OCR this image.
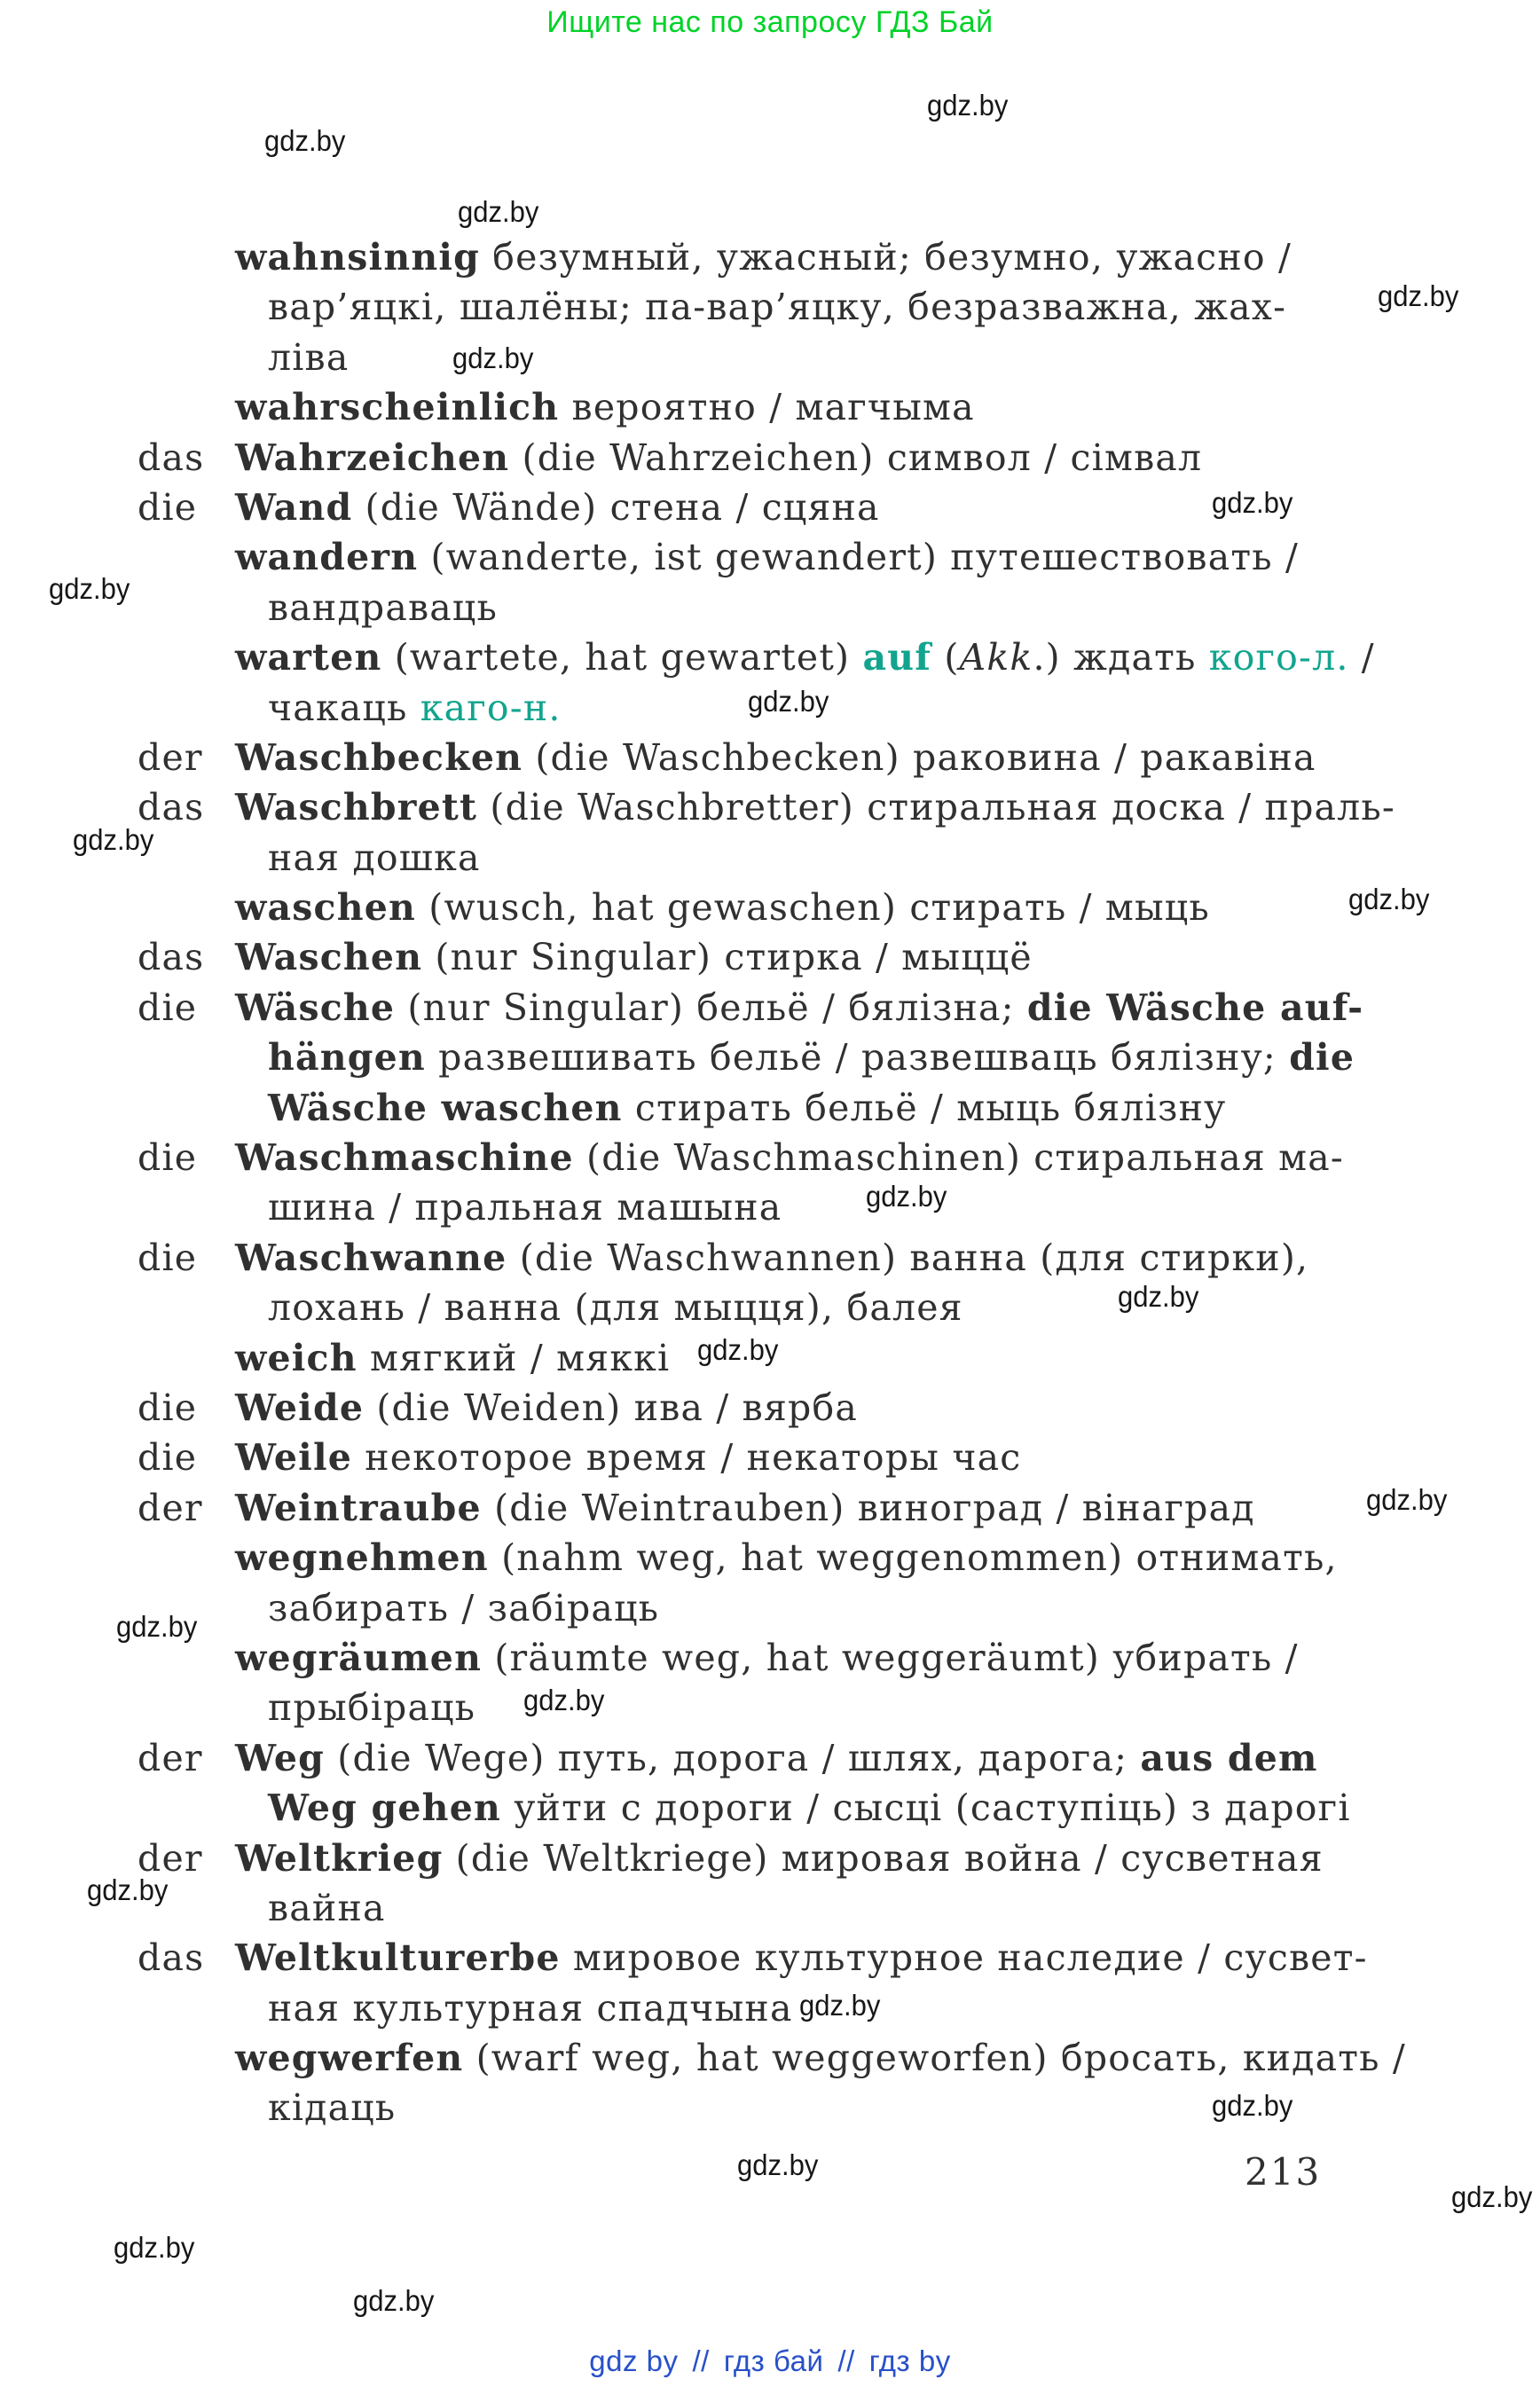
Ищите нас по запросу ГДЗ Бай
gdz.by
gdz.by
gdz.by
gdz.by
gdz.by
gdz.by
gdz.by
gdz.by
gdz.by
gdz.by
gdz.by
gdz.by
gdz.by
gdz.by
gdz.by
gdz.by
gdz.by
gdz.by
gdz.by
gdz.by
gdz.by
gdz.by
gdz.by
wahnsinnig безумный, ужасный; безумно, ужасно /
вар’яцкі, шалёны; па-вар’яцку, безразважна, жах-
ліва
wahrscheinlich вероятно / магчыма
das Wahrzeichen (die Wahrzeichen) символ / сімвал
die Wand (die Wände) стена / сцяна
wandern (wanderte, ist gewandert) путешествовать /
вандраваць
warten (wartete, hat gewartet) auf (Akk.) ждать кого-л. /
чакаць каго-н.
der Waschbecken (die Waschbecken) раковина / ракавіна
das Waschbrett (die Waschbretter) стиральная доска / праль-
ная дошка
waschen (wusch, hat gewaschen) стирать / мыць
das Waschen (nur Singular) стирка / мыццё
die Wäsche (nur Singular) бельё / бялізна; die Wäsche auf-
hängen развешивать бельё / развешваць бялізну; die
Wäsche waschen стирать бельё / мыць бялізну
die Waschmaschine (die Waschmaschinen) стиральная ма-
шина / пральная машына
die Waschwanne (die Waschwannen) ванна (для стирки),
лохань / ванна (для мыцця), балея
weich мягкий / мяккі
die Weide (die Weiden) ива / вярба
die Weile некоторое время / некаторы час
der Weintraube (die Weintrauben) виноград / вінаград
wegnehmen (nahm weg, hat weggenommen) отнимать,
забирать / забіраць
wegräumen (räumte weg, hat weggeräumt) убирать /
прыбіраць
der Weg (die Wege) путь, дорога / шлях, дарога; aus dem
Weg gehen уйти с дороги / сысці (саступіць) з дарогі
der Weltkrieg (die Weltkriege) мировая война / сусветная
вайна
das Weltkulturerbe мировое культурное наследие / сусвет-
ная культурная спадчына
wegwerfen (warf weg, hat weggeworfen) бросать, кидать /
кідаць
213
gdz by // гдз бай // гдз by
